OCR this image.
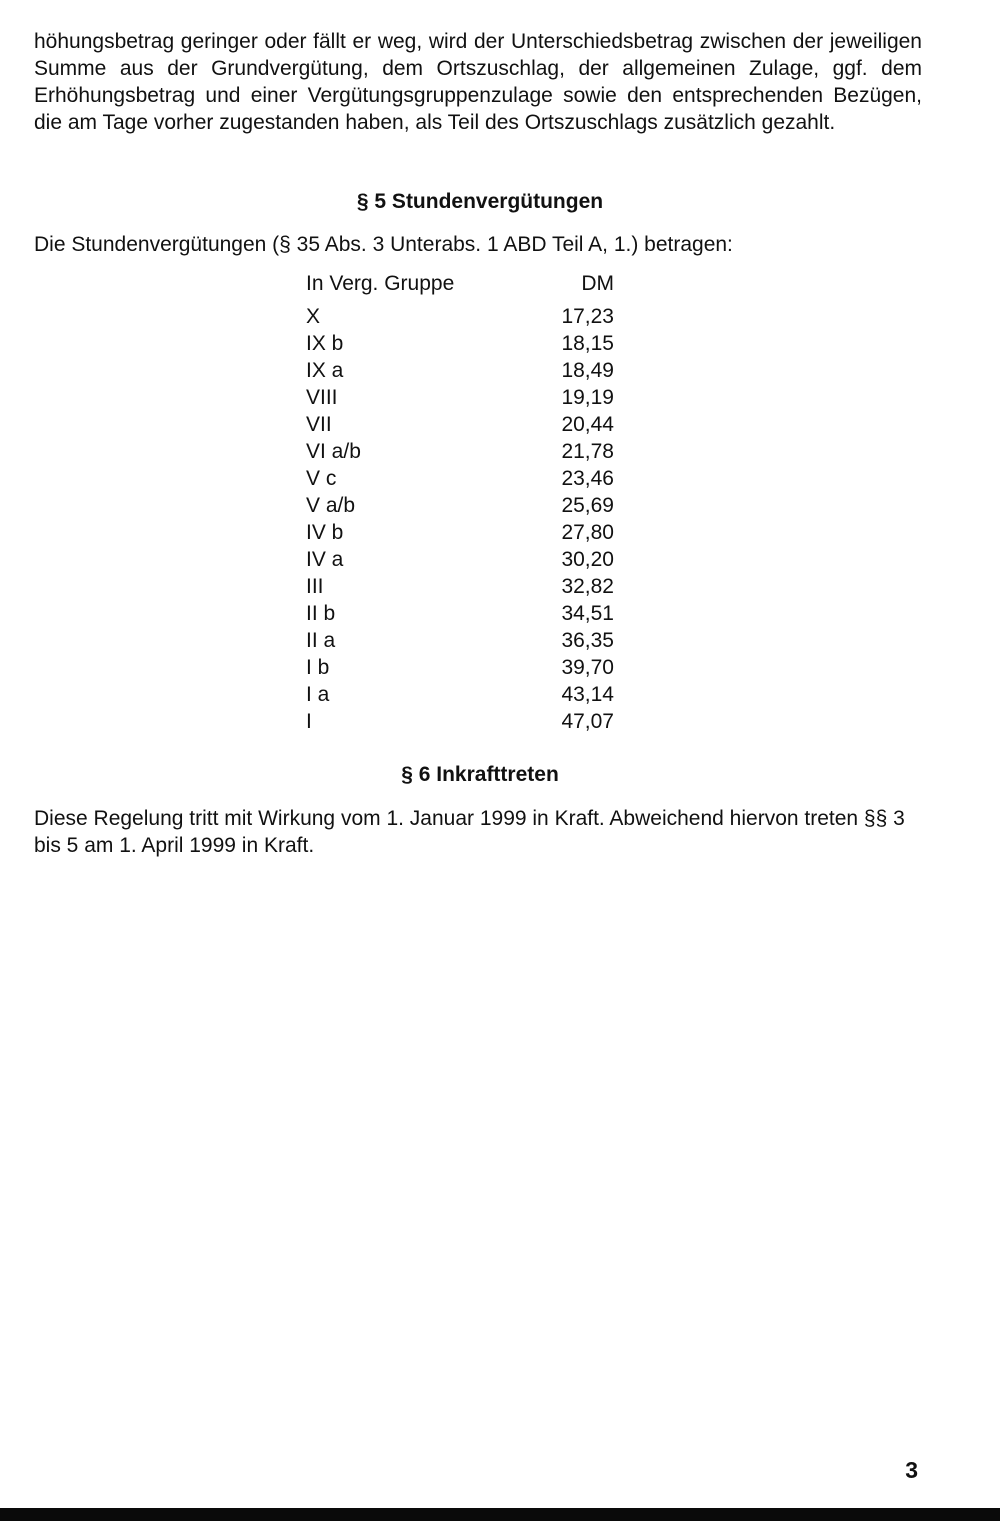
höhungsbetrag geringer oder fällt er weg, wird der Unterschiedsbetrag zwischen der jeweiligen Summe aus der Grundvergütung, dem Ortszuschlag, der allgemeinen Zulage, ggf. dem Erhöhungsbetrag und einer Vergütungsgruppenzulage sowie den entsprechenden Bezügen, die am Tage vorher zugestanden haben, als Teil des Ortszuschlags zusätzlich gezahlt.

§ 5 Stundenvergütungen

Die Stundenvergütungen (§ 35 Abs. 3 Unterabs. 1 ABD Teil A, 1.) betragen:

In Verg. Gruppe	DM
X	17,23
IX b	18,15
IX a	18,49
VIII	19,19
VII	20,44
VI a/b	21,78
V c	23,46
V a/b	25,69
IV b	27,80
IV a	30,20
III	32,82
II b	34,51
II a	36,35
I b	39,70
I a	43,14
I	47,07
§ 6 Inkrafttreten

Diese Regelung tritt mit Wirkung vom 1. Januar 1999 in Kraft. Abweichend hiervon treten §§ 3 bis 5 am 1. April 1999 in Kraft.

3
